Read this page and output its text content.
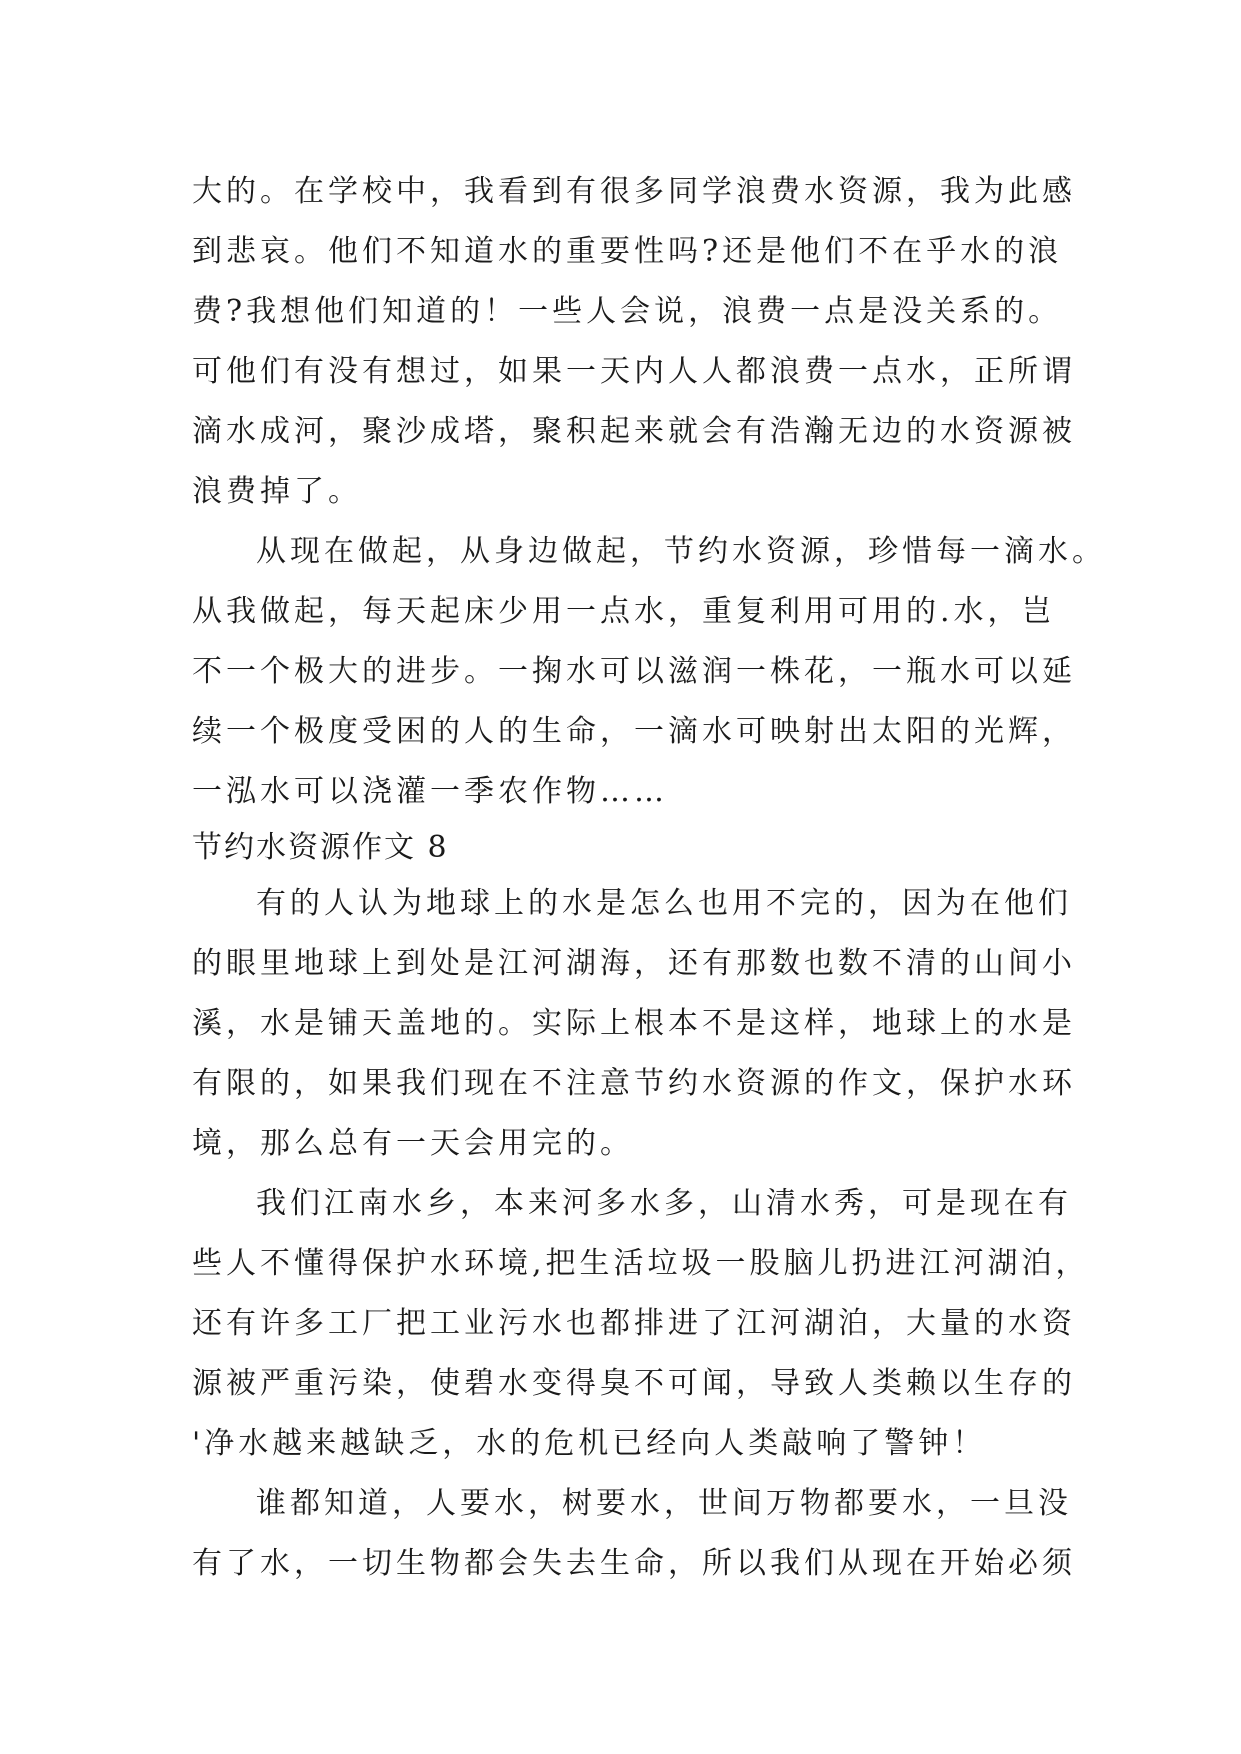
大的。在学校中，我看到有很多同学浪费水资源，我为此感
到悲哀。他们不知道水的重要性吗?还是他们不在乎水的浪
费?我想他们知道的！一些人会说，浪费一点是没关系的。
可他们有没有想过，如果一天内人人都浪费一点水，正所谓
滴水成河，聚沙成塔，聚积起来就会有浩瀚无边的水资源被
浪费掉了。
从现在做起，从身边做起，节约水资源，珍惜每一滴水。
从我做起，每天起床少用一点水，重复利用可用的.水，岂
不一个极大的进步。一掬水可以滋润一株花，一瓶水可以延
续一个极度受困的人的生命，一滴水可映射出太阳的光辉，
一泓水可以浇灌一季农作物……
节约水资源作文 8
有的人认为地球上的水是怎么也用不完的，因为在他们
的眼里地球上到处是江河湖海，还有那数也数不清的山间小
溪，水是铺天盖地的。实际上根本不是这样，地球上的水是
有限的，如果我们现在不注意节约水资源的作文，保护水环
境，那么总有一天会用完的。
我们江南水乡，本来河多水多，山清水秀，可是现在有
些人不懂得保护水环境,把生活垃圾一股脑儿扔进江河湖泊，
还有许多工厂把工业污水也都排进了江河湖泊，大量的水资
源被严重污染，使碧水变得臭不可闻，导致人类赖以生存的
'净水越来越缺乏，水的危机已经向人类敲响了警钟！
谁都知道，人要水，树要水，世间万物都要水，一旦没
有了水，一切生物都会失去生命，所以我们从现在开始必须
